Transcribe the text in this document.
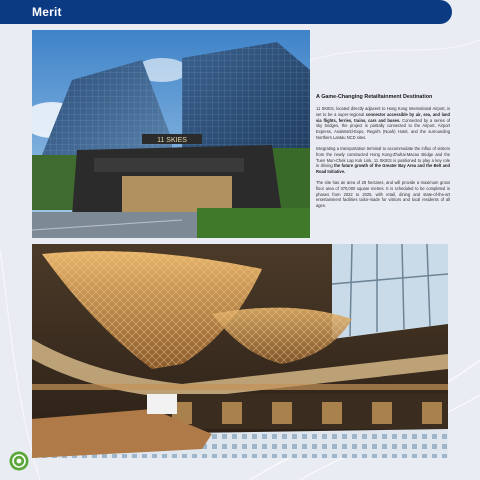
Merit
11 SKIES
A Game-Changing Retailtainment Destination

11 SKIES, located directly adjacent to Hong Kong International Airport, is set to be a super-regional connector accessible by air, sea, and land via flights, ferries, trains, cars and buses. Connected by a series of sky bridges, the project is partially connected to the Airport, Airport Express, AsiaWorld-Expo, Regal's (Noah) Hotel, and the surrounding Northern Lantau NCD sites.

Integrating a transportation terminal to accommodate the influx of visitors from the newly constructed Hong Kong-Zhuhai-Macao Bridge and the Tuen Mun-Chek Lap Kok Link, 11 SKIES is positioned to play a key role in driving the future growth of the Greater Bay Area and the Belt and Road Initiative.

The site has an area of 28 hectares, and will provide a maximum gross floor area of 370,000 square metres. It is scheduled to be completed in phases from 2022 to 2025, with retail, dining and state-of-the-art entertainment facilities tailor-made for visitors and local residents of all ages.
